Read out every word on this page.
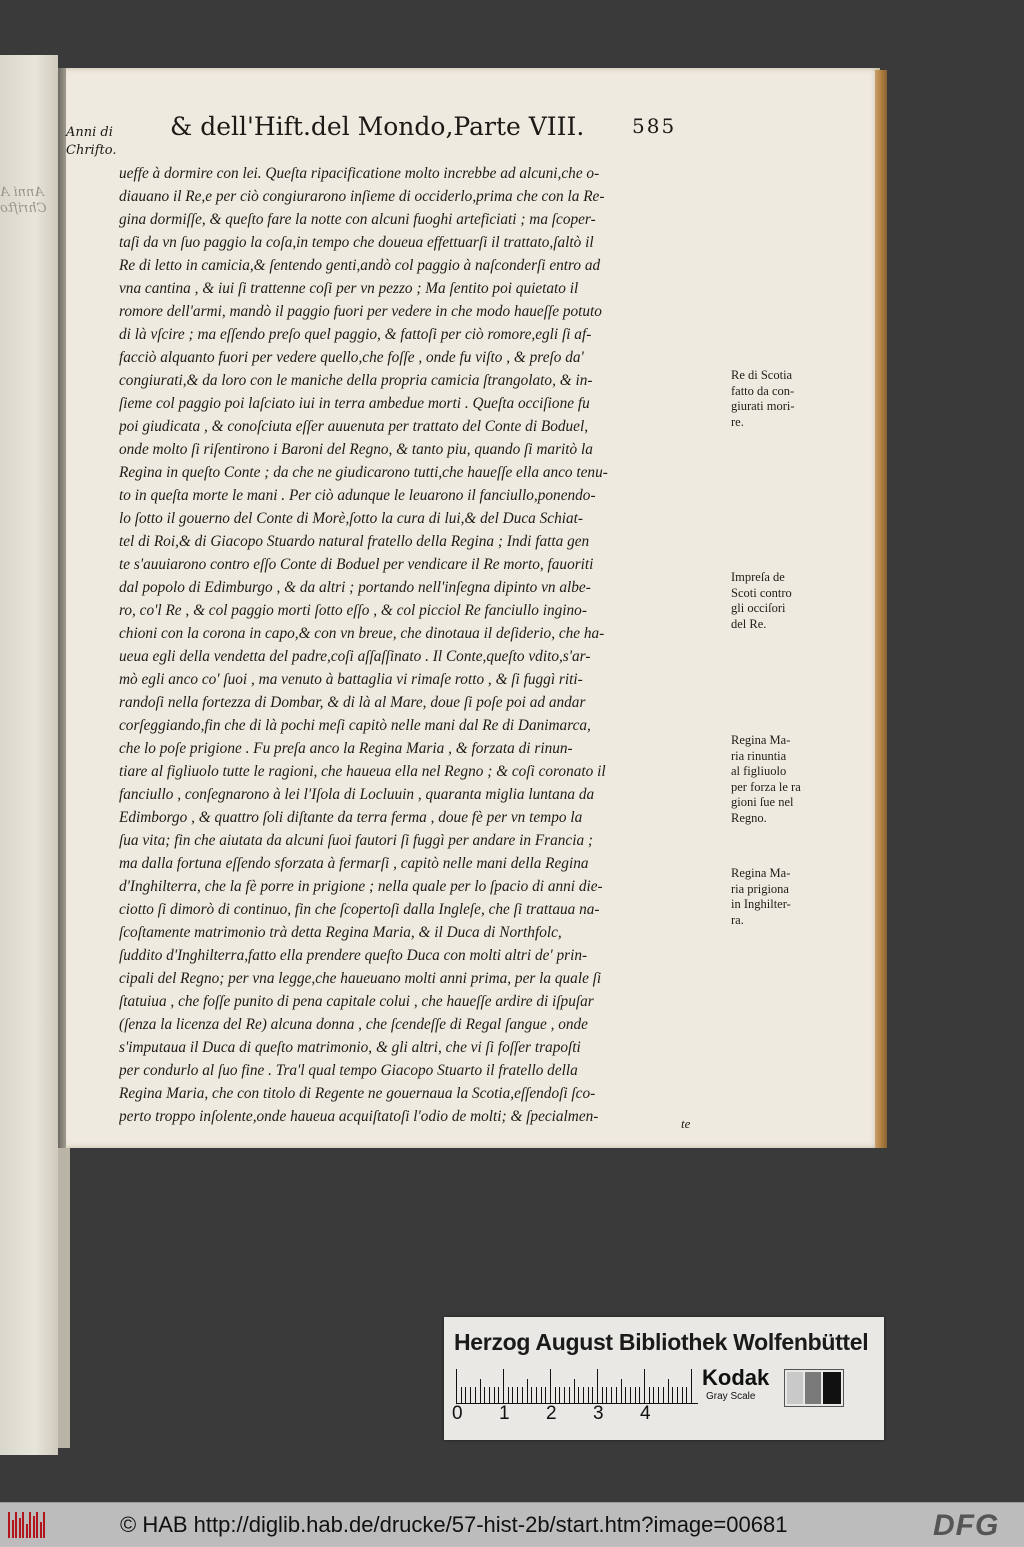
Anni A
Chrifto
Anni di
Chrifto.
& dell'Hift.del Mondo,Parte VIII. 585
ueffe à dormire con lei. Queſta ripacificatione molto increbbe ad alcuni,che o-
diauano il Re,e per ciò congiurarono inſieme di occiderlo,prima che con la Re-
gina dormiſſe, & queſto fare la notte con alcuni fuoghi arteficiati ; ma ſcoper-
taſi da vn ſuo paggio la coſa,in tempo che doueua effettuarſi il trattato,ſaltò il
Re di letto in camicia,& ſentendo genti,andò col paggio à naſconderſi entro ad
vna cantina , & iui ſi trattenne coſi per vn pezzo ; Ma ſentito poi quietato il
romore dell'armi, mandò il paggio fuori per vedere in che modo haueſſe potuto
di là vſcire ; ma eſſendo preſo quel paggio, & fattoſi per ciò romore,egli ſi af-
facciò alquanto fuori per vedere quello,che foſſe , onde fu viſto , & preſo da'
congiurati,& da loro con le maniche della propria camicia ſtrangolato, & in-
ſieme col paggio poi laſciato iui in terra ambedue morti . Queſta occiſione fu
poi giudicata , & conoſciuta eſſer auuenuta per trattato del Conte di Boduel,
onde molto ſi riſentirono i Baroni del Regno, & tanto piu, quando ſi maritò la
Regina in queſto Conte ; da che ne giudicarono tutti,che haueſſe ella anco tenu-
to in queſta morte le mani . Per ciò adunque le leuarono il fanciullo,ponendo-
lo ſotto il gouerno del Conte di Morè,ſotto la cura di lui,& del Duca Schiat-
tel di Roi,& di Giacopo Stuardo natural fratello della Regina ; Indi fatta gen
te s'auuiarono contro eſſo Conte di Boduel per vendicare il Re morto, fauoriti
dal popolo di Edimburgo , & da altri ; portando nell'inſegna dipinto vn albe-
ro, co'l Re , & col paggio morti ſotto eſſo , & col picciol Re fanciullo ingino-
chioni con la corona in capo,& con vn breue, che dinotaua il deſiderio, che ha-
ueua egli della vendetta del padre,coſi aſſaſſinato . Il Conte,queſto vdito,s'ar-
mò egli anco co' ſuoi , ma venuto à battaglia vi rimaſe rotto , & ſi fuggì riti-
randoſi nella fortezza di Dombar, & di là al Mare, doue ſi poſe poi ad andar
corſeggiando,fin che di là pochi meſi capitò nelle mani dal Re di Danimarca,
che lo poſe prigione . Fu preſa anco la Regina Maria , & forzata di rinun-
tiare al figliuolo tutte le ragioni, che haueua ella nel Regno ; & coſi coronato il
fanciullo , conſegnarono à lei l'Iſola di Locluuin , quaranta miglia luntana da
Edimborgo , & quattro ſoli diſtante da terra ferma , doue fè per vn tempo la
ſua vita; fin che aiutata da alcuni ſuoi fautori ſi fuggì per andare in Francia ;
ma dalla fortuna eſſendo sforzata à fermarſi , capitò nelle mani della Regina
d'Inghilterra, che la fè porre in prigione ; nella quale per lo ſpacio di anni die-
ciotto ſi dimorò di continuo, fin che ſcopertoſi dalla Ingleſe, che ſi trattaua na-
ſcoſtamente matrimonio trà detta Regina Maria, & il Duca di Northfolc,
ſuddito d'Inghilterra,fatto ella prendere queſto Duca con molti altri de' prin-
cipali del Regno; per vna legge,che haueuano molti anni prima, per la quale ſi
ſtatuiua , che foſſe punito di pena capitale colui , che haueſſe ardire di iſpuſar
(ſenza la licenza del Re) alcuna donna , che ſcendeſſe di Regal ſangue , onde
s'imputaua il Duca di queſto matrimonio, & gli altri, che vi ſi foſſer trapoſti
per condurlo al ſuo fine . Tra'l qual tempo Giacopo Stuarto il fratello della
Regina Maria, che con titolo di Regente ne gouernaua la Scotia,eſſendoſi ſco-
perto troppo inſolente,onde haueua acquiſtatoſi l'odio de molti; & ſpecialmen-	te
Re di Scotia
fatto da con-
giurati mori-
re.
Impreſa de
Scoti contro
gli occiſori
del Re.
Regina Ma-
ria rinuntia
al figliuolo
per forza le ra
gioni ſue nel
Regno.
Regina Ma-
ria prigiona
in Inghilter-
ra.
Herzog August Bibliothek Wolfenbüttel
0 1 2 3 4
Kodak
Gray Scale
© HAB http://diglib.hab.de/drucke/57-hist-2b/start.htm?image=00681	DFG
